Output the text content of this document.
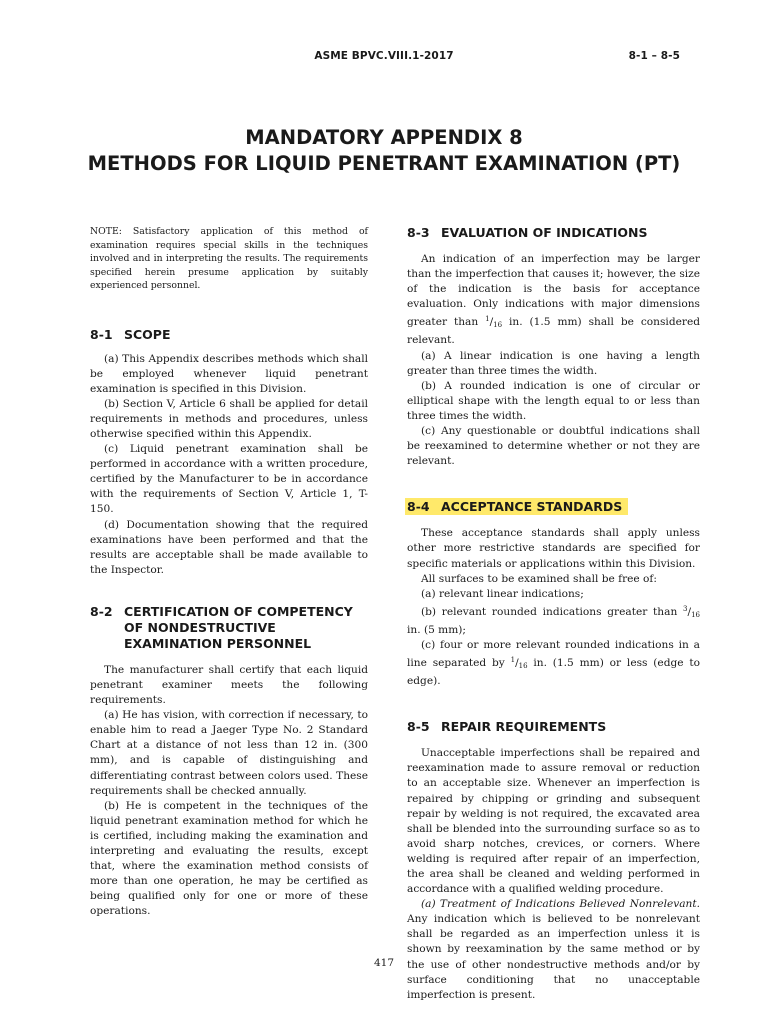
ASME BPVC.VIII.1-2017	8-1 – 8-5
MANDATORY APPENDIX 8
METHODS FOR LIQUID PENETRANT EXAMINATION (PT)

NOTE: Satisfactory application of this method of examination requires special skills in the techniques involved and in interpreting the results. The requirements specified herein presume application by suitably experienced personnel.

8-1 SCOPE

(a) This Appendix describes methods which shall be employed whenever liquid penetrant examination is specified in this Division.

(b) Section V, Article 6 shall be applied for detail requirements in methods and procedures, unless otherwise specified within this Appendix.

(c) Liquid penetrant examination shall be performed in accordance with a written procedure, certified by the Manufacturer to be in accordance with the requirements of Section V, Article 1, T-150.

(d) Documentation showing that the required examinations have been performed and that the results are acceptable shall be made available to the Inspector.

8-2 CERTIFICATION OF COMPETENCY OF NONDESTRUCTIVE EXAMINATION PERSONNEL

The manufacturer shall certify that each liquid penetrant examiner meets the following requirements.

(a) He has vision, with correction if necessary, to enable him to read a Jaeger Type No. 2 Standard Chart at a distance of not less than 12 in. (300 mm), and is capable of distinguishing and differentiating contrast between colors used. These requirements shall be checked annually.

(b) He is competent in the techniques of the liquid penetrant examination method for which he is certified, including making the examination and interpreting and evaluating the results, except that, where the examination method consists of more than one operation, he may be certified as being qualified only for one or more of these operations.

8-3 EVALUATION OF INDICATIONS

An indication of an imperfection may be larger than the imperfection that causes it; however, the size of the indication is the basis for acceptance evaluation. Only indications with major dimensions greater than $^1/_{16}$ in. (1.5 mm) shall be considered relevant.

(a) A linear indication is one having a length greater than three times the width.

(b) A rounded indication is one of circular or elliptical shape with the length equal to or less than three times the width.

(c) Any questionable or doubtful indications shall be reexamined to determine whether or not they are relevant.

8-4 ACCEPTANCE STANDARDS

These acceptance standards shall apply unless other more restrictive standards are specified for specific materials or applications within this Division.

All surfaces to be examined shall be free of:

(a) relevant linear indications;

(b) relevant rounded indications greater than $^3/_{16}$ in. (5 mm);

(c) four or more relevant rounded indications in a line separated by $^1/_{16}$ in. (1.5 mm) or less (edge to edge).

8-5 REPAIR REQUIREMENTS

Unacceptable imperfections shall be repaired and reexamination made to assure removal or reduction to an acceptable size. Whenever an imperfection is repaired by chipping or grinding and subsequent repair by welding is not required, the excavated area shall be blended into the surrounding surface so as to avoid sharp notches, crevices, or corners. Where welding is required after repair of an imperfection, the area shall be cleaned and welding performed in accordance with a qualified welding procedure.

(a) Treatment of Indications Believed Nonrelevant. Any indication which is believed to be nonrelevant shall be regarded as an imperfection unless it is shown by reexamination by the same method or by the use of other nondestructive methods and/or by surface conditioning that no unacceptable imperfection is present.

417
